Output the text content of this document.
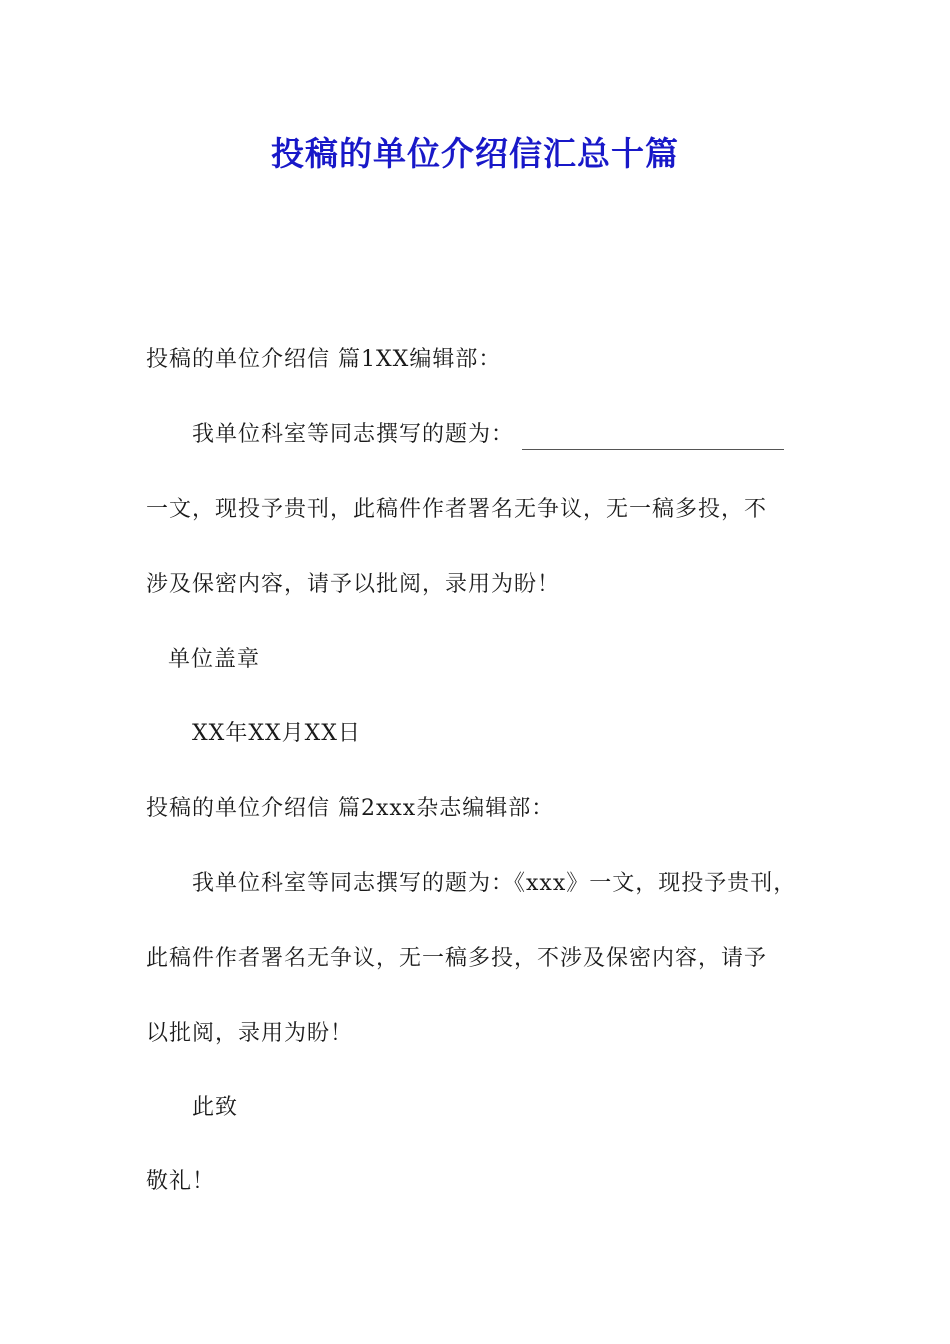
投稿的单位介绍信汇总十篇
投稿的单位介绍信 篇1XX编辑部：
我单位科室等同志撰写的题为：
一文，现投予贵刊，此稿件作者署名无争议，无一稿多投，不
涉及保密内容，请予以批阅，录用为盼！
单位盖章
XX年XX月XX日
投稿的单位介绍信 篇2xxx杂志编辑部：
我单位科室等同志撰写的题为：《xxx》一文，现投予贵刊，
此稿件作者署名无争议，无一稿多投，不涉及保密内容，请予
以批阅，录用为盼！
此致
敬礼！
